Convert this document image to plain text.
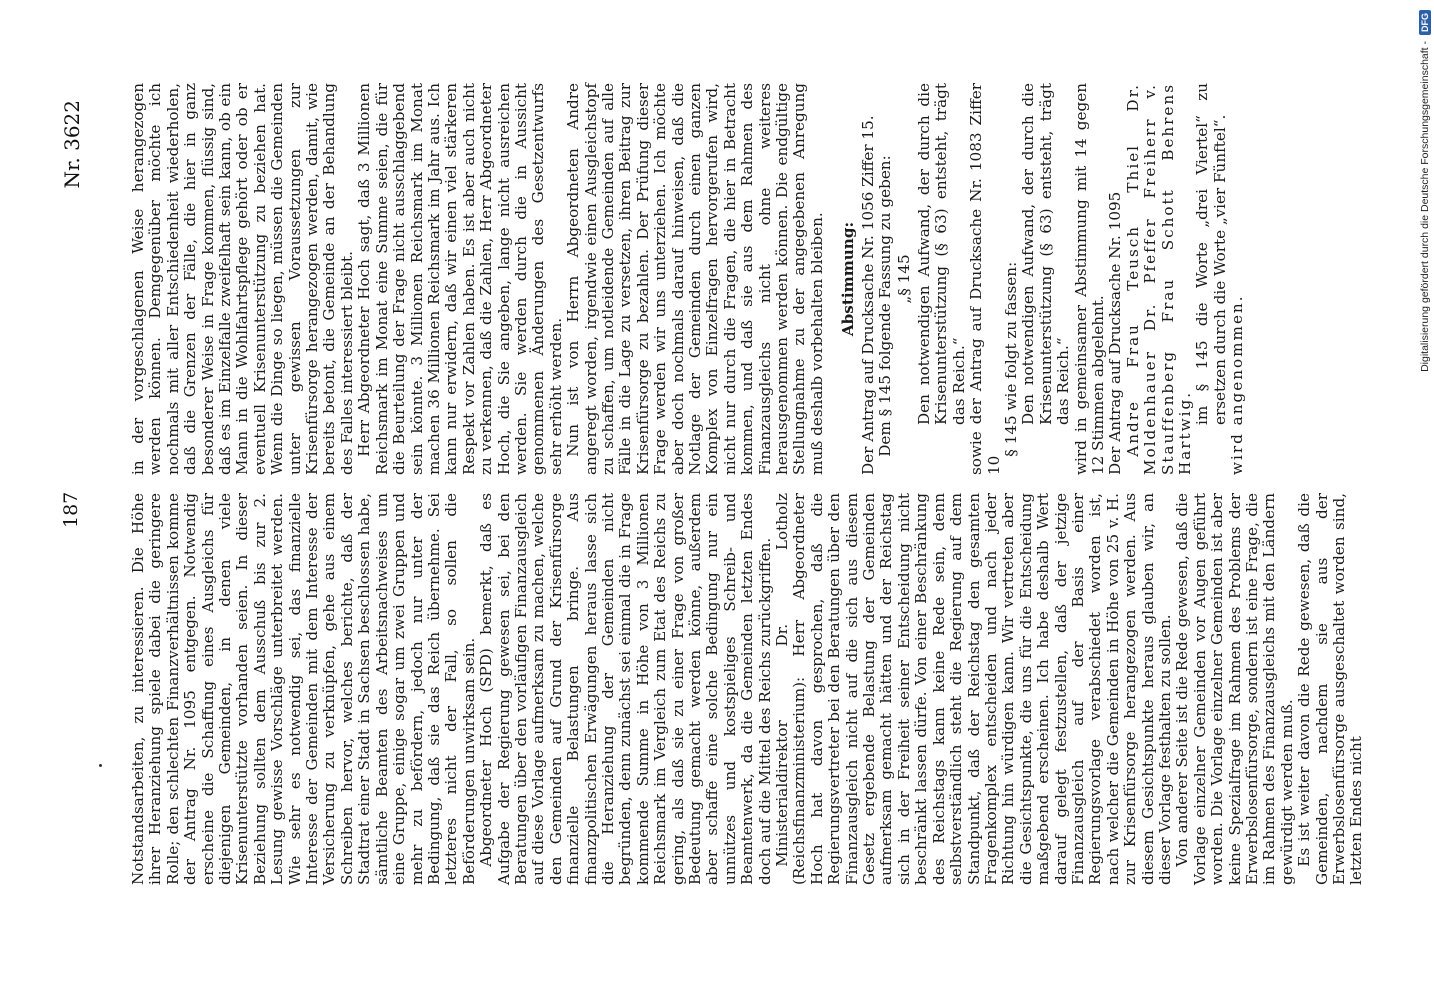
187
Nr. 3622

Notstandsarbeiten, zu interessieren. Die Höhe ihrer Heranziehung spiele dabei die geringere Rolle; den schlechten Finanzverhältnissen komme der Antrag Nr. 1095 entgegen. Notwendig erscheine die Schaffung eines Ausgleichs für diejenigen Gemeinden, in denen viele Krisenunterstützte vorhanden seien. In dieser Beziehung sollten dem Ausschuß bis zur 2. Lesung gewisse Vorschläge unterbreitet werden. Wie sehr es notwendig sei, das finanzielle Interesse der Gemeinden mit dem Interesse der Versicherung zu verknüpfen, gehe aus einem Schreiben hervor, welches berichte, daß der Stadtrat einer Stadt in Sachsen beschlossen habe, sämtliche Beamten des Arbeitsnachweises um eine Gruppe, einige sogar um zwei Gruppen und mehr zu befördern, jedoch nur unter der Bedingung, daß sie das Reich übernehme. Sei letzteres nicht der Fall, so sollen die Beförderungen unwirksam sein. Abgeordneter Hoch (SPD) bemerkt, daß es Aufgabe der Regierung gewesen sei, bei den Beratungen über den vorläufigen Finanzausgleich auf diese Vorlage aufmerksam zu machen, welche den Gemeinden auf Grund der Krisenfürsorge finanzielle Belastungen bringe. Aus finanzpolitischen Erwägungen heraus lasse sich die Heranziehung der Gemeinden nicht begründen, denn zunächst sei einmal die in Frage kommende Summe in Höhe von 3 Millionen Reichsmark im Vergleich zum Etat des Reichs zu gering, als daß sie zu einer Frage von großer Bedeutung gemacht werden könne, außerdem aber schaffe eine solche Bedingung nur ein unnützes und kostspieliges Schreib- und Beamtenwerk, da die Gemeinden letzten Endes doch auf die Mittel des Reichs zurückgriffen. Ministerialdirektor Dr. Lotholz (Reichsfinanzministerium): Herr Abgeordneter Hoch hat davon gesprochen, daß die Regierungsvertreter bei den Beratungen über den Finanzausgleich nicht auf die sich aus diesem Gesetz ergebende Belastung der Gemeinden aufmerksam gemacht hätten und der Reichstag sich in der Freiheit seiner Entscheidung nicht beschränkt lassen dürfe. Von einer Beschränkung des Reichstags kann keine Rede sein, denn selbstverständlich steht die Regierung auf dem Standpunkt, daß der Reichstag den gesamten Fragenkomplex entscheiden und nach jeder Richtung hin würdigen kann. Wir vertreten aber die Gesichtspunkte, die uns für die Entscheidung maßgebend erscheinen. Ich habe deshalb Wert darauf gelegt festzustellen, daß der jetzige Finanzausgleich auf der Basis einer Regierungsvorlage verabschiedet worden ist, nach welcher die Gemeinden in Höhe von 25 v. H. zur Krisenfürsorge herangezogen werden. Aus diesem Gesichtspunkte heraus glauben wir, an dieser Vorlage festhalten zu sollen. Von anderer Seite ist die Rede gewesen, daß die Vorlage einzelner Gemeinden vor Augen geführt worden. Die Vorlage einzelner Gemeinden ist aber keine Spezialfrage im Rahmen des Problems der Erwerbslosenfürsorge, sondern ist eine Frage, die im Rahmen des Finanzausgleichs mit den Ländern gewürdigt werden muß. Es ist weiter davon die Rede gewesen, daß die Gemeinden, nachdem sie aus der Erwerbslosenfürsorge ausgeschaltet worden sind, letzten Endes nicht

in der vorgeschlagenen Weise herangezogen werden können. Demgegenüber möchte ich nochmals mit aller Entschiedenheit wiederholen, daß die Grenzen der Fälle, die hier in ganz besonderer Weise in Frage kommen, flüssig sind, daß es im Einzelfalle zweifelhaft sein kann, ob ein Mann in die Wohlfahrtspflege gehört oder ob er eventuell Krisenunterstützung zu beziehen hat. Wenn die Dinge so liegen, müssen die Gemeinden unter gewissen Voraussetzungen zur Krisenfürsorge herangezogen werden, damit, wie bereits betont, die Gemeinde an der Behandlung des Falles interessiert bleibt. Herr Abgeordneter Hoch sagt, daß 3 Millionen Reichsmark im Monat eine Summe seien, die für die Beurteilung der Frage nicht ausschlaggebend sein könnte. 3 Millionen Reichsmark im Monat machen 36 Millionen Reichsmark im Jahr aus. Ich kann nur erwidern, daß wir einen viel stärkeren Respekt vor Zahlen haben. Es ist aber auch nicht zu verkennen, daß die Zahlen, Herr Abgeordneter Hoch, die Sie angeben, lange nicht ausreichen werden. Sie werden durch die in Aussicht genommenen Änderungen des Gesetzentwurfs sehr erhöht werden. Nun ist von Herrn Abgeordneten Andre angeregt worden, irgendwie einen Ausgleichstopf zu schaffen, um notleidende Gemeinden auf alle Fälle in die Lage zu versetzen, ihren Beitrag zur Krisenfürsorge zu bezahlen. Der Prüfung dieser Frage werden wir uns unterziehen. Ich möchte aber doch nochmals darauf hinweisen, daß die Notlage der Gemeinden durch einen ganzen Komplex von Einzelfragen hervorgerufen wird, nicht nur durch die Fragen, die hier in Betracht kommen, und daß sie aus dem Rahmen des Finanzausgleichs nicht ohne weiteres herausgenommen werden können. Die endgültige Stellungnahme zu der angegebenen Anregung muß deshalb vorbehalten bleiben. Abstimmung: Der Antrag auf Drucksache Nr. 1056 Ziffer 15. Dem § 145 folgende Fassung zu geben: „§ 145 Den notwendigen Aufwand, der durch die Krisenunterstützung (§ 63) entsteht, trägt das Reich.“ sowie der Antrag auf Drucksache Nr. 1083 Ziffer 10

§ 145 wie folgt zu fassen: Den notwendigen Aufwand, der durch die Krisenunterstützung (§ 63) entsteht, trägt das Reich.“ wird in gemeinsamer Abstimmung mit 14 gegen 12 Stimmen abgelehnt. Der Antrag auf Drucksache Nr. 1095 Andre Frau Teusch Thiel Dr. Moldenhauer Dr. Pfeffer Freiherr v. Stauffenberg Frau Schott Behrens Hartwig.

im § 145 die Worte „drei Viertel“ zu ersetzen durch die Worte „vier Fünftel“. wird angenommen.

Digitalisierung gefördert durch die Deutsche Forschungsgemeinschaft -
DFG
